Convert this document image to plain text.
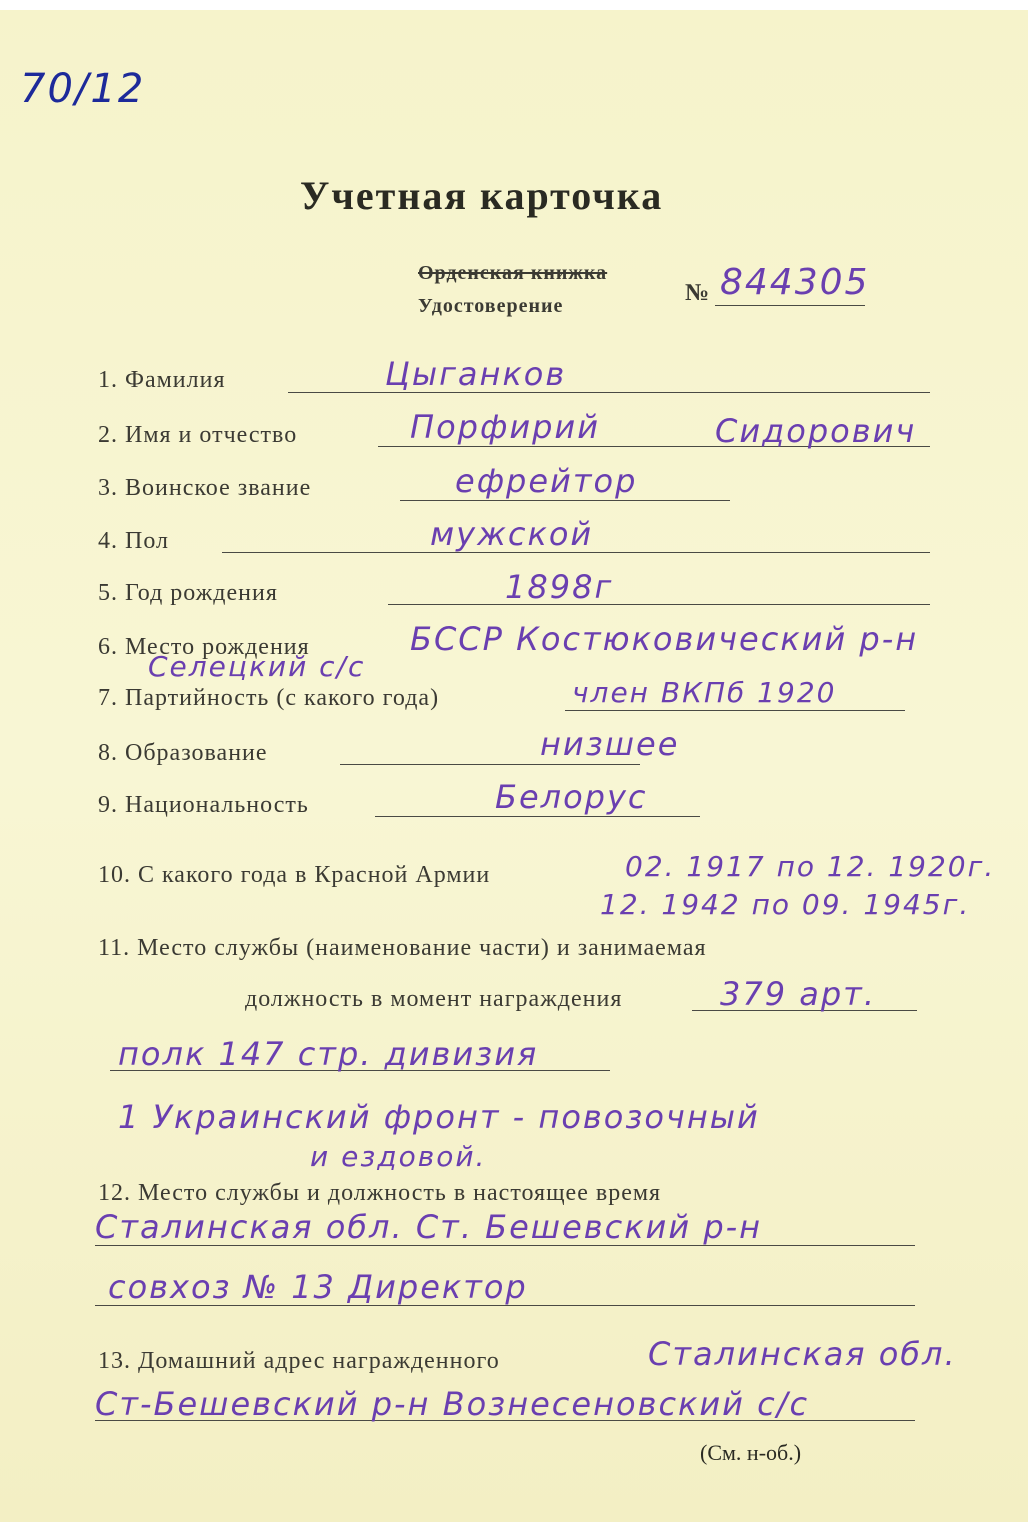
70/12
Учетная карточка
Орденская книжка
Удостоверение	№ 844305
1. Фамилия	Цыганков
2. Имя и отчество	Порфирий	Сидорович
3. Воинское звание	ефрейтор
4. Пол	мужской
5. Год рождения	1898г
6. Место рождения	БССР Костюковичеcкий р-н
Селецкий с/с
7. Партийность (с какого года)	член ВКПб 1920
8. Образование	низшее
9. Национальность	Белорус
10. С какого года в Красной Армии	02. 1917 по 12. 1920г.
12. 1942 по 09. 1945г.
11. Место службы (наименование части) и занимаемая
должность в момент награждения	379 арт.
полк 147 стр. дивизия
1 Украинский фронт - повозочный
и ездовой.
12. Место службы и должность в настоящее время
Сталинская обл. Ст. Бешевский р-н
совхоз № 13 Директор
13. Домашний адрес награжденного	Сталинская обл.
Ст-Бешевский р-н Вознесеновский с/с
(См. н-об.)
